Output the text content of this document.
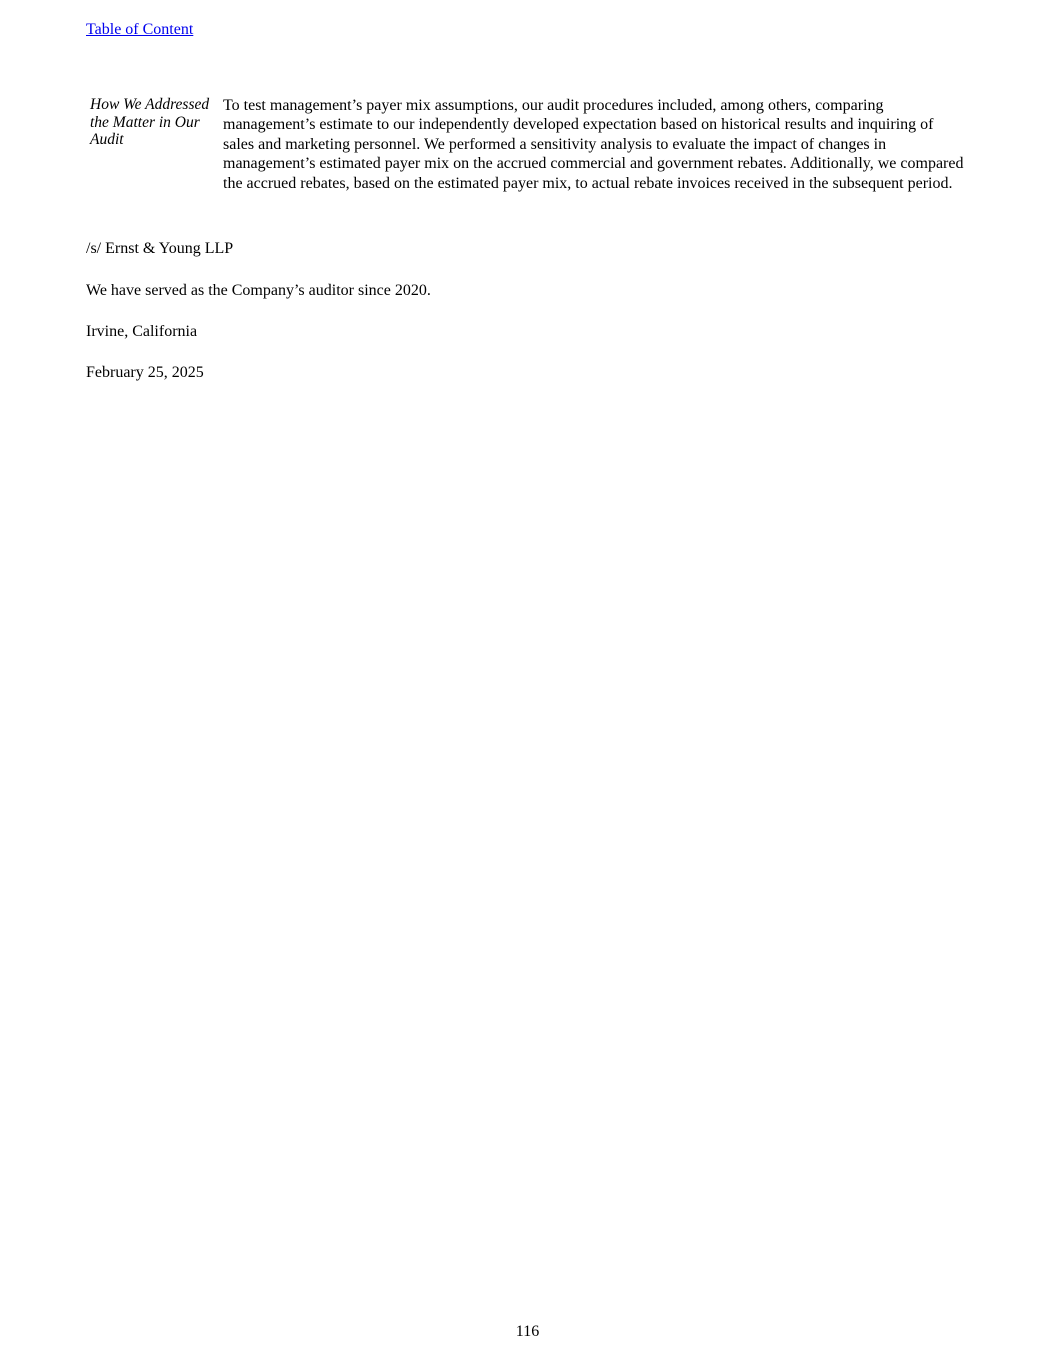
Table of Content
How We Addressed the Matter in Our Audit
To test management’s payer mix assumptions, our audit procedures included, among others, comparing management’s estimate to our independently developed expectation based on historical results and inquiring of sales and marketing personnel. We performed a sensitivity analysis to evaluate the impact of changes in management’s estimated payer mix on the accrued commercial and government rebates. Additionally, we compared the accrued rebates, based on the estimated payer mix, to actual rebate invoices received in the subsequent period.
/s/ Ernst & Young LLP
We have served as the Company’s auditor since 2020.
Irvine, California
February 25, 2025
116
